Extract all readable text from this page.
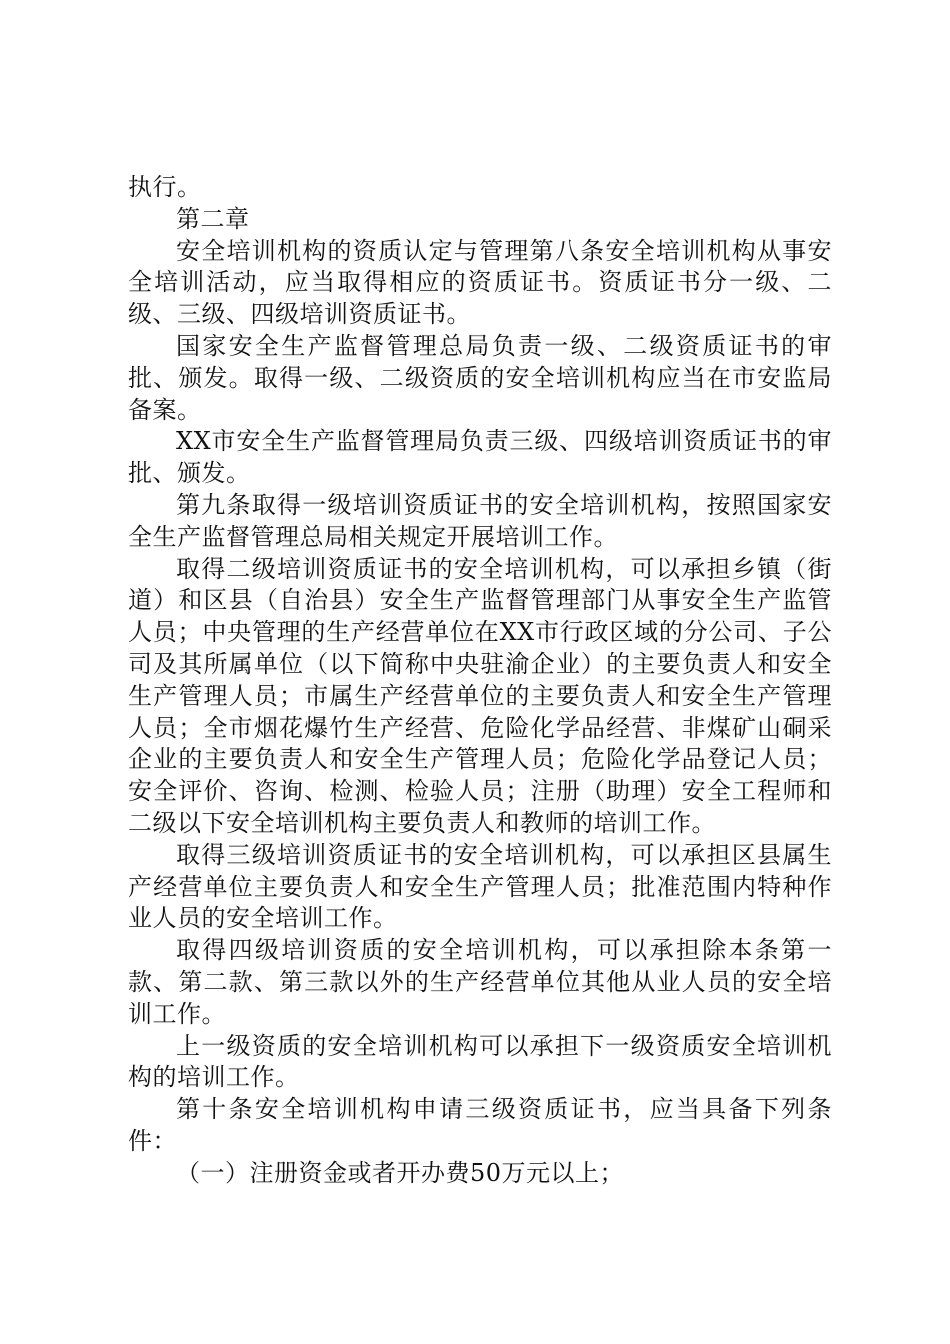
执行。

第二章

安全培训机构的资质认定与管理第八条安全培训机构从事安全培训活动，应当取得相应的资质证书。资质证书分一级、二级、三级、四级培训资质证书。

国家安全生产监督管理总局负责一级、二级资质证书的审批、颁发。取得一级、二级资质的安全培训机构应当在市安监局备案。

XX市安全生产监督管理局负责三级、四级培训资质证书的审批、颁发。

第九条取得一级培训资质证书的安全培训机构，按照国家安全生产监督管理总局相关规定开展培训工作。

取得二级培训资质证书的安全培训机构，可以承担乡镇（街道）和区县（自治县）安全生产监督管理部门从事安全生产监管人员；中央管理的生产经营单位在XX市行政区域的分公司、子公司及其所属单位（以下简称中央驻渝企业）的主要负责人和安全生产管理人员；市属生产经营单位的主要负责人和安全生产管理人员；全市烟花爆竹生产经营、危险化学品经营、非煤矿山硐采企业的主要负责人和安全生产管理人员；危险化学品登记人员；安全评价、咨询、检测、检验人员；注册（助理）安全工程师和二级以下安全培训机构主要负责人和教师的培训工作。

取得三级培训资质证书的安全培训机构，可以承担区县属生产经营单位主要负责人和安全生产管理人员；批准范围内特种作业人员的安全培训工作。

取得四级培训资质的安全培训机构，可以承担除本条第一款、第二款、第三款以外的生产经营单位其他从业人员的安全培训工作。

上一级资质的安全培训机构可以承担下一级资质安全培训机构的培训工作。

第十条安全培训机构申请三级资质证书，应当具备下列条件：

（一）注册资金或者开办费50万元以上；
